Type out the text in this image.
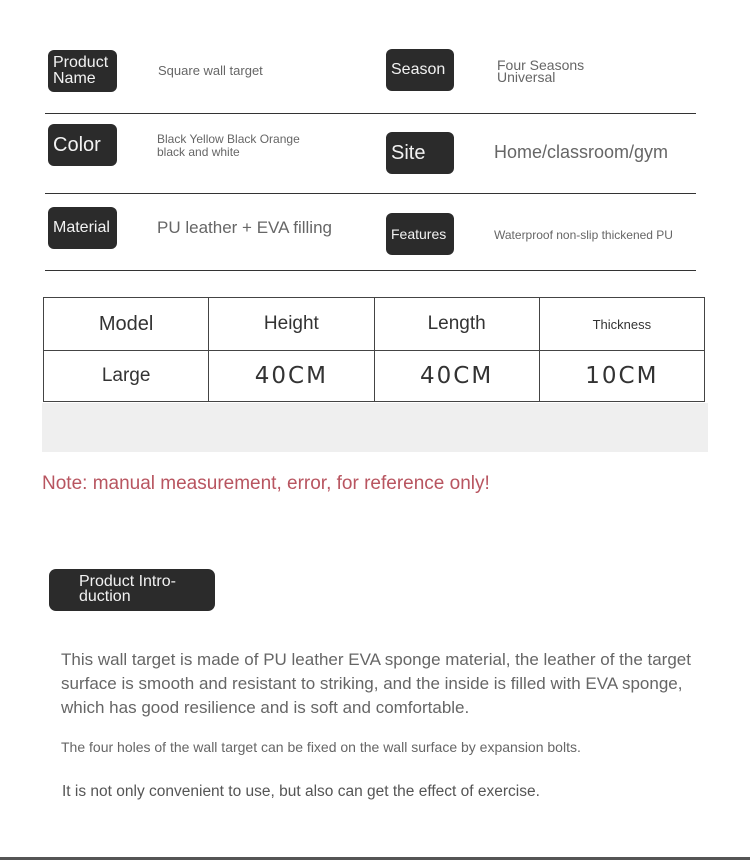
Product Name	Square wall target	Season	Four Seasons Universal
Color	Black Yellow Black Orange black and white	Site	Home/classroom/gym
Material	PU leather + EVA filling	Features	Waterproof non-slip thickened PU
Model	Height	Length	Thickness
Large	40CM	40CM	10CM
Note: manual measurement, error, for reference only!
Product Intro-duction
This wall target is made of PU leather EVA sponge material, the leather of the target surface is smooth and resistant to striking, and the inside is filled with EVA sponge, which has good resilience and is soft and comfortable.
The four holes of the wall target can be fixed on the wall surface by expansion bolts.
It is not only convenient to use, but also can get the effect of exercise.
